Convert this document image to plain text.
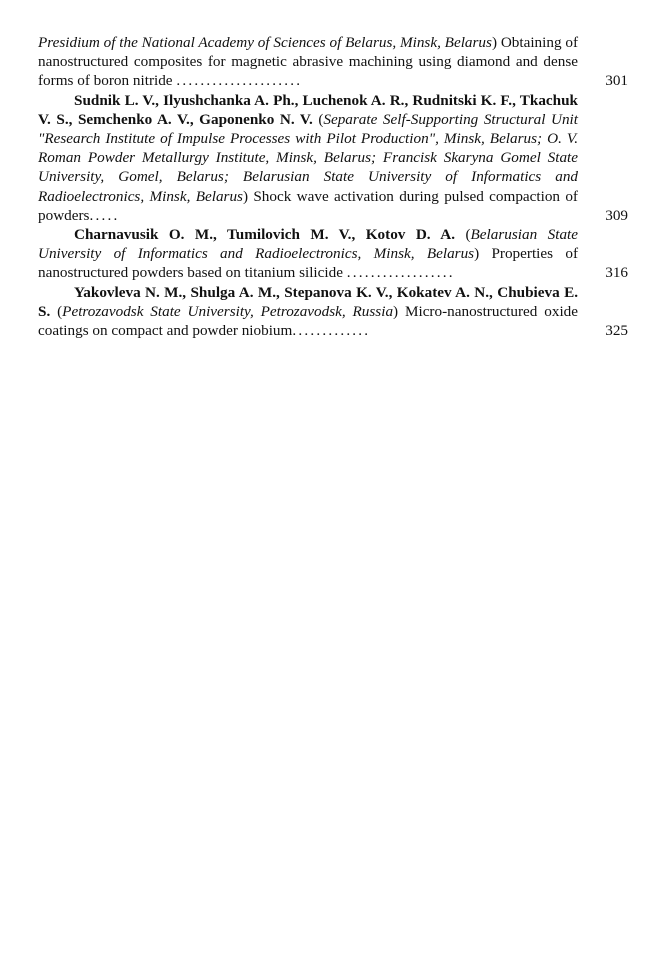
Presidium of the National Academy of Sciences of Belarus, Minsk, Belarus) Obtaining of nanostructured composites for magnetic abrasive machining using diamond and dense forms of boron nitride .....................	301
Sudnik L. V., Ilyushchanka A. Ph., Luchenok A. R., Rudnitski K. F., Tkachuk V. S., Semchenko A. V., Gaponenko N. V. (Separate Self-Supporting Structural Unit "Research Institute of Impulse Processes with Pilot Production", Minsk, Belarus; O. V. Roman Powder Metallurgy Institute, Minsk, Belarus; Francisk Skaryna Gomel State University, Gomel, Belarus; Belarusian State University of Informatics and Radioelectronics, Minsk, Belarus) Shock wave activation during pulsed compaction of powders.....	309
Charnavusik O. M., Tumilovich M. V., Kotov D. A. (Belarusian State University of Informatics and Radioelectronics, Minsk, Belarus) Properties of nanostructured powders based on titanium silicide ..................	316
Yakovleva N. M., Shulga A. M., Stepanova K. V., Kokatev A. N., Chubieva E. S. (Petrozavodsk State University, Petrozavodsk, Russia) Micro-nanostructured oxide coatings on compact and powder niobium.............	325
